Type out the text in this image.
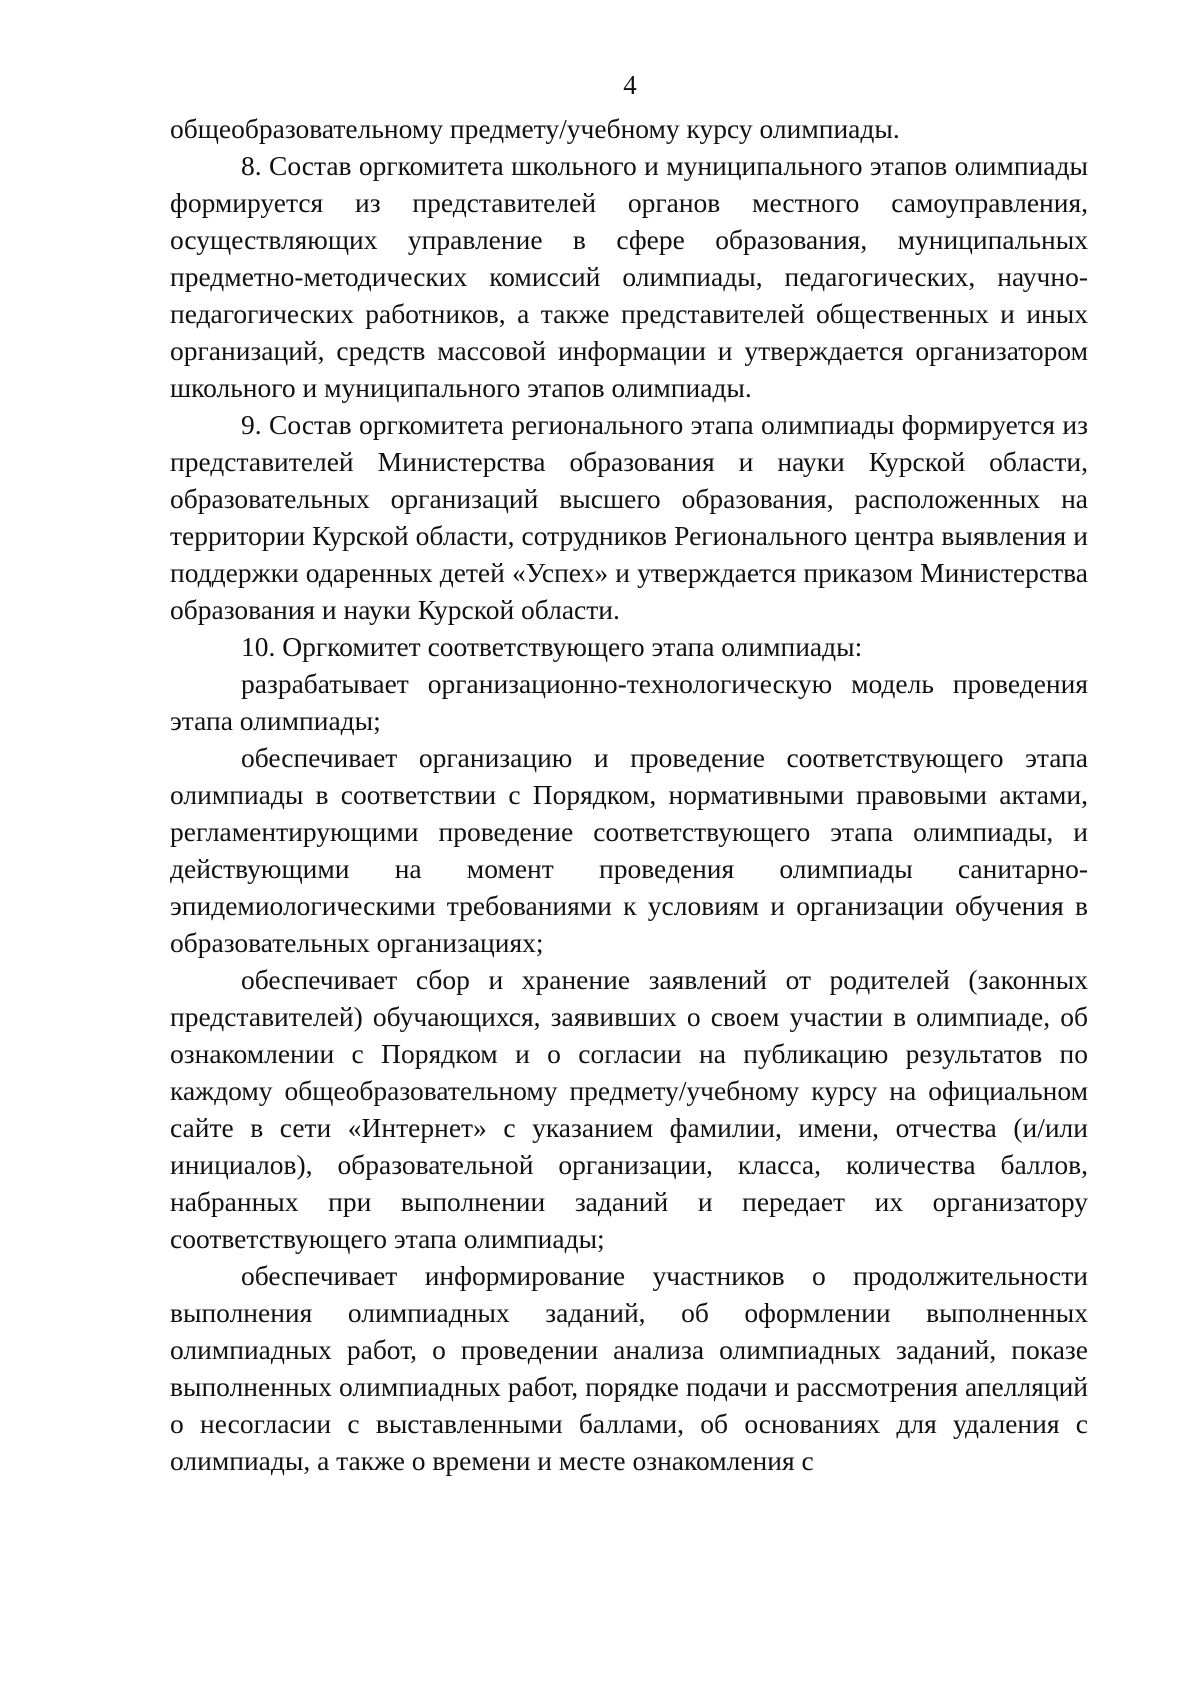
4

общеобразовательному предмету/учебному курсу олимпиады.

8. Состав оргкомитета школьного и муниципального этапов олимпиады формируется из представителей органов местного самоуправления, осуществляющих управление в сфере образования, муниципальных предметно-методических комиссий олимпиады, педагогических, научно-педагогических работников, а также представителей общественных и иных организаций, средств массовой информации и утверждается организатором школьного и муниципального этапов олимпиады.

9. Состав оргкомитета регионального этапа олимпиады формируется из представителей Министерства образования и науки Курской области, образовательных организаций высшего образования, расположенных на территории Курской области, сотрудников Регионального центра выявления и поддержки одаренных детей «Успех» и утверждается приказом Министерства образования и науки Курской области.

10. Оргкомитет соответствующего этапа олимпиады:

разрабатывает организационно-технологическую модель проведения этапа олимпиады;

обеспечивает организацию и проведение соответствующего этапа олимпиады в соответствии с Порядком, нормативными правовыми актами, регламентирующими проведение соответствующего этапа олимпиады, и действующими на момент проведения олимпиады санитарно-эпидемиологическими требованиями к условиям и организации обучения в образовательных организациях;

обеспечивает сбор и хранение заявлений от родителей (законных представителей) обучающихся, заявивших о своем участии в олимпиаде, об ознакомлении с Порядком и о согласии на публикацию результатов по каждому общеобразовательному предмету/учебному курсу на официальном сайте в сети «Интернет» с указанием фамилии, имени, отчества (и/или инициалов), образовательной организации, класса, количества баллов, набранных при выполнении заданий и передает их организатору соответствующего этапа олимпиады;

обеспечивает информирование участников о продолжительности выполнения олимпиадных заданий, об оформлении выполненных олимпиадных работ, о проведении анализа олимпиадных заданий, показе выполненных олимпиадных работ, порядке подачи и рассмотрения апелляций о несогласии с выставленными баллами, об основаниях для удаления с олимпиады, а также о времени и месте ознакомления с
